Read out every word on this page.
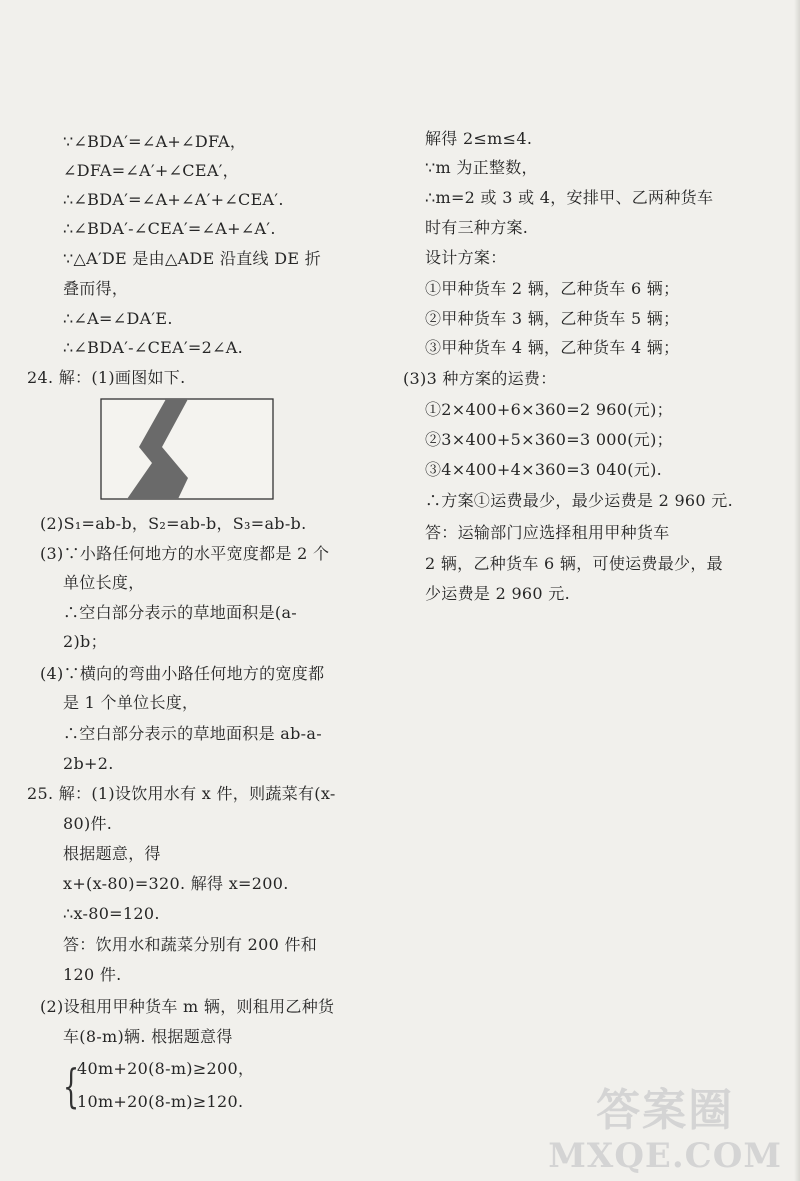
∵∠BDA′=∠A+∠DFA，
∠DFA=∠A′+∠CEA′，
∴∠BDA′=∠A+∠A′+∠CEA′.
∴∠BDA′-∠CEA′=∠A+∠A′.
∵△A′DE 是由△ADE 沿直线 DE 折
叠而得，
∴∠A=∠DA′E.
∴∠BDA′-∠CEA′=2∠A.
24. 解：(1)画图如下.
(2)S₁=ab-b，S₂=ab-b，S₃=ab-b.
(3)∵小路任何地方的水平宽度都是 2 个
单位长度，
∴空白部分表示的草地面积是(a-
2)b；
(4)∵横向的弯曲小路任何地方的宽度都
是 1 个单位长度，
∴空白部分表示的草地面积是 ab-a-
2b+2.
25. 解：(1)设饮用水有 x 件，则蔬菜有(x-
80)件.
根据题意，得
x+(x-80)=320. 解得 x=200.
∴x-80=120.
答：饮用水和蔬菜分别有 200 件和
120 件.
(2)设租用甲种货车 m 辆，则租用乙种货
车(8-m)辆. 根据题意得
{
40m+20(8-m)≥200，
10m+20(8-m)≥120.
解得 2≤m≤4.
∵m 为正整数，
∴m=2 或 3 或 4，安排甲、乙两种货车
时有三种方案.
设计方案：
①甲种货车 2 辆，乙种货车 6 辆；
②甲种货车 3 辆，乙种货车 5 辆；
③甲种货车 4 辆，乙种货车 4 辆；
(3)3 种方案的运费：
①2×400+6×360=2 960(元)；
②3×400+5×360=3 000(元)；
③4×400+4×360=3 040(元).
∴方案①运费最少，最少运费是 2 960 元.
答：运输部门应选择租用甲种货车
2 辆，乙种货车 6 辆，可使运费最少，最
少运费是 2 960 元.
答案圈
MXQE.COM
